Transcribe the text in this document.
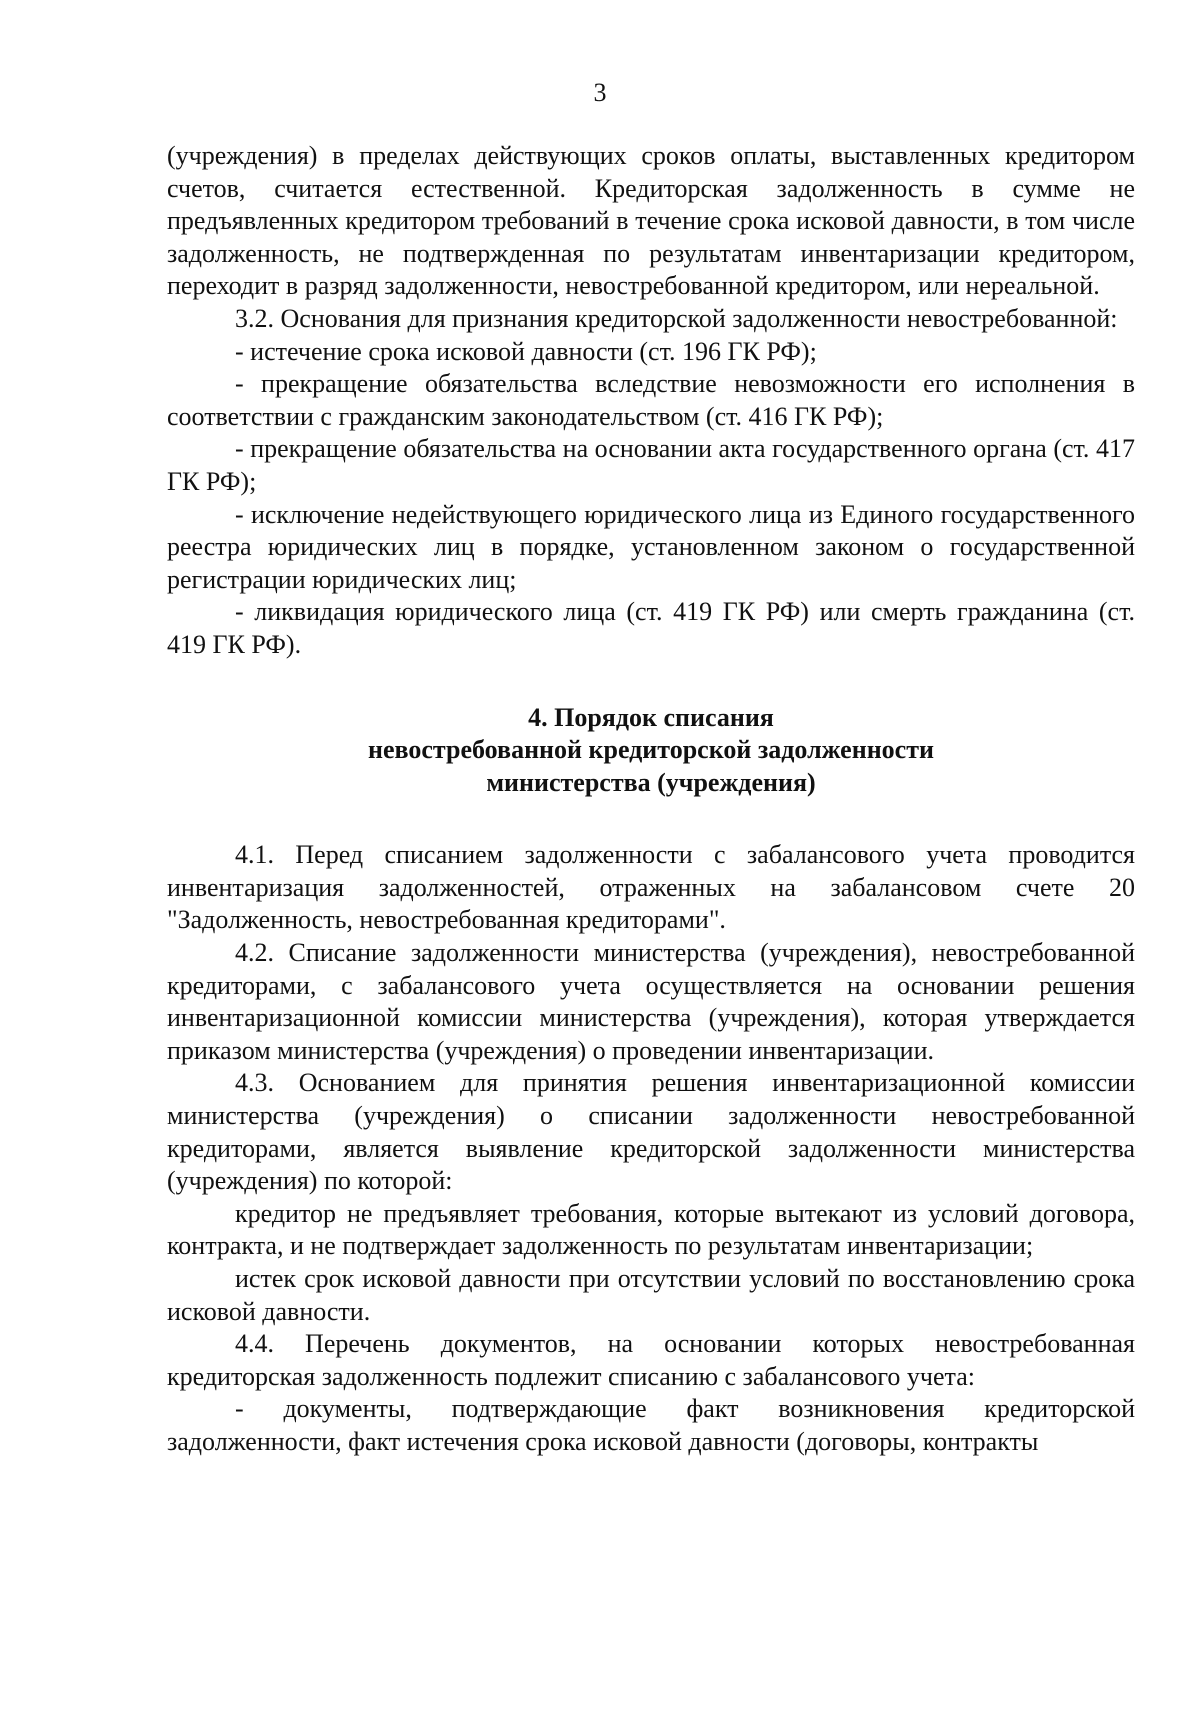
3

(учреждения) в пределах действующих сроков оплаты, выставленных кредитором счетов, считается естественной. Кредиторская задолженность в сумме не предъявленных кредитором требований в течение срока исковой давности, в том числе задолженность, не подтвержденная по результатам инвентаризации кредитором, переходит в разряд задолженности, невостребованной кредитором, или нереальной.

3.2. Основания для признания кредиторской задолженности невостребованной:

- истечение срока исковой давности (ст. 196 ГК РФ);

- прекращение обязательства вследствие невозможности его исполнения в соответствии с гражданским законодательством (ст. 416 ГК РФ);

- прекращение обязательства на основании акта государственного органа (ст. 417 ГК РФ);

- исключение недействующего юридического лица из Единого государственного реестра юридических лиц в порядке, установленном законом о государственной регистрации юридических лиц;

- ликвидация юридического лица (ст. 419 ГК РФ) или смерть гражданина (ст. 419 ГК РФ).

4. Порядок списания
невостребованной кредиторской задолженности
министерства (учреждения)

4.1. Перед списанием задолженности с забалансового учета проводится инвентаризация задолженностей, отраженных на забалансовом счете 20 "Задолженность, невостребованная кредиторами".

4.2. Списание задолженности министерства (учреждения), невостребованной кредиторами, с забалансового учета осуществляется на основании решения инвентаризационной комиссии министерства (учреждения), которая утверждается приказом министерства (учреждения) о проведении инвентаризации.

4.3. Основанием для принятия решения инвентаризационной комиссии министерства (учреждения) о списании задолженности невостребованной кредиторами, является выявление кредиторской задолженности министерства (учреждения) по которой:

кредитор не предъявляет требования, которые вытекают из условий договора, контракта, и не подтверждает задолженность по результатам инвентаризации;

истек срок исковой давности при отсутствии условий по восстановлению срока исковой давности.

4.4. Перечень документов, на основании которых невостребованная кредиторская задолженность подлежит списанию с забалансового учета:

- документы, подтверждающие факт возникновения кредиторской задолженности, факт истечения срока исковой давности (договоры, контракты
